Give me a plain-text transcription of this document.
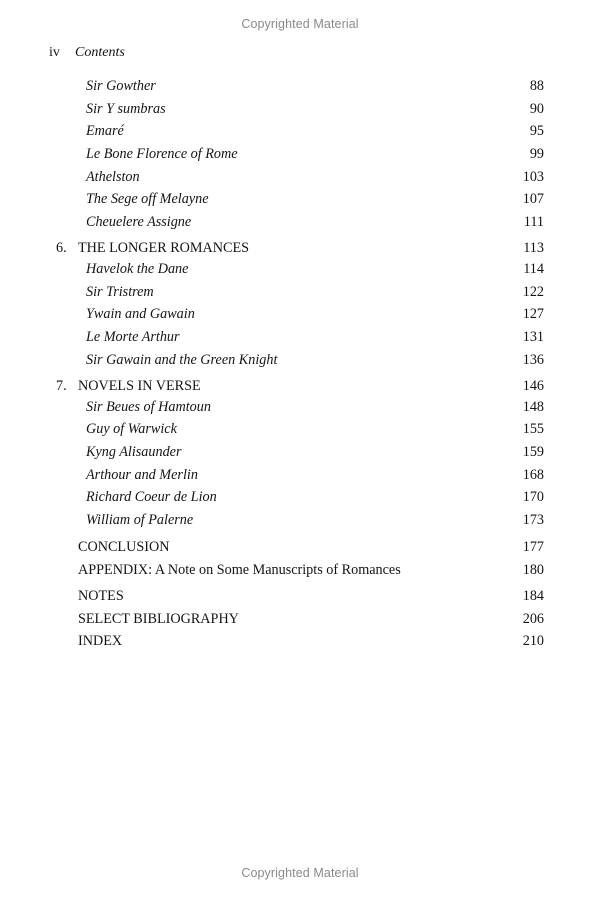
Copyrighted Material
iv Contents
Sir Gowther	88
Sir Y sumbras	90
Emaré	95
Le Bone Florence of Rome	99
Athelston	103
The Sege off Melayne	107
Cheuelere Assigne	111
6. THE LONGER ROMANCES	113
Havelok the Dane	114
Sir Tristrem	122
Ywain and Gawain	127
Le Morte Arthur	131
Sir Gawain and the Green Knight	136
7. NOVELS IN VERSE	146
Sir Beues of Hamtoun	148
Guy of Warwick	155
Kyng Alisaunder	159
Arthour and Merlin	168
Richard Coeur de Lion	170
William of Palerne	173
CONCLUSION	177
APPENDIX: A Note on Some Manuscripts of Romances	180
NOTES	184
SELECT BIBLIOGRAPHY	206
INDEX	210
Copyrighted Material
